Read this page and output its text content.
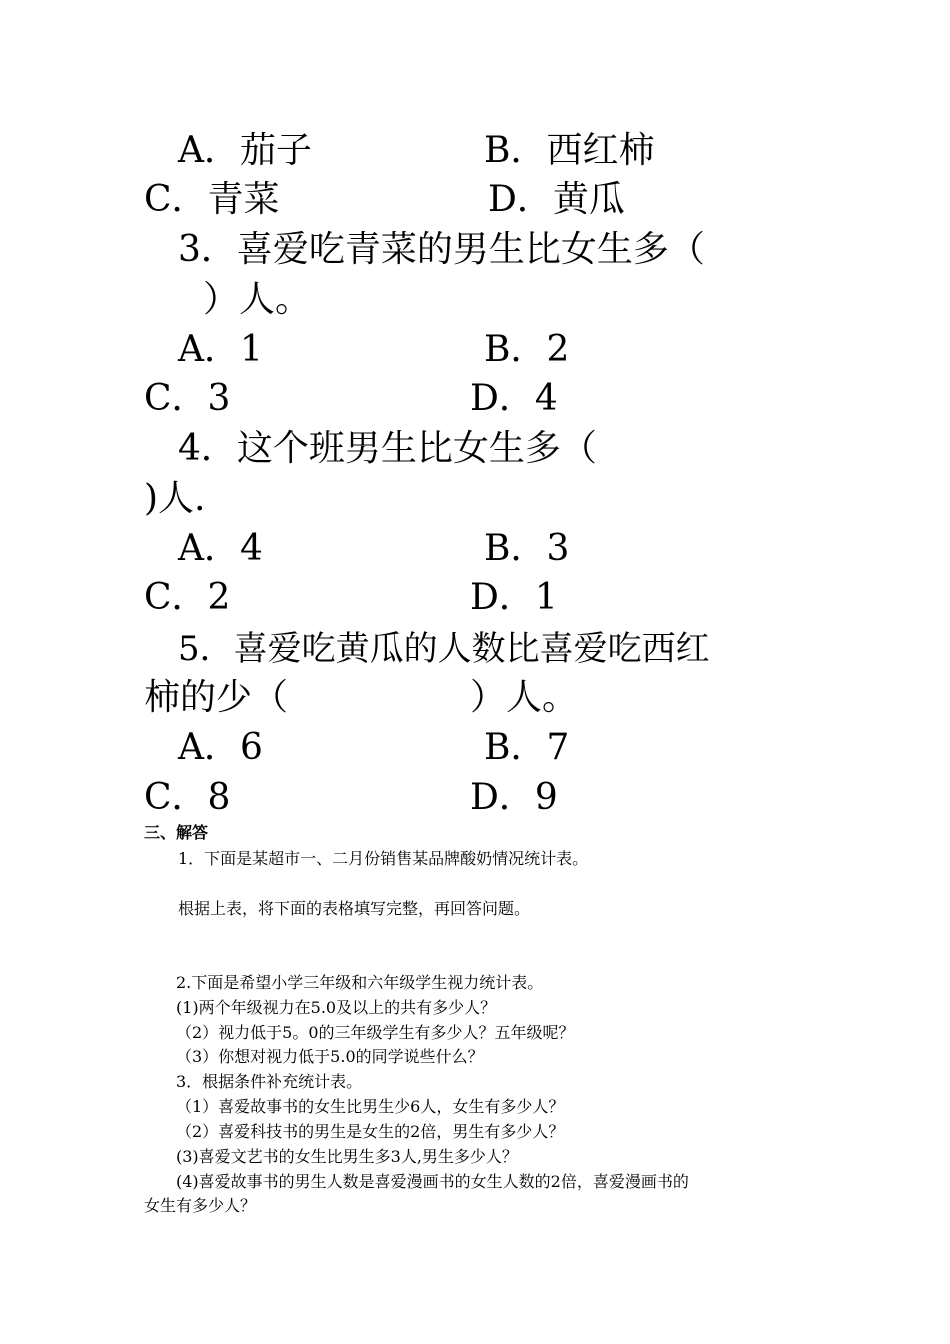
A．茄子	B．西红柿
C．青菜	D．黄瓜
3．喜爱吃青菜的男生比女生多（
）人。
A．1	B．2
C．3	D．4
4．这个班男生比女生多（
)人.
A．4	B．3
C．2	D．1
5．喜爱吃黄瓜的人数比喜爱吃西红
柿的少（	）人。
A．6	B．7
C．8	D．9
三、解答
1．下面是某超市一、二月份销售某品牌酸奶情况统计表。
根据上表，将下面的表格填写完整，再回答问题。
2.下面是希望小学三年级和六年级学生视力统计表。
(1)两个年级视力在5.0及以上的共有多少人？
（2）视力低于5。0的三年级学生有多少人？五年级呢？
（3）你想对视力低于5.0的同学说些什么？
3．根据条件补充统计表。
（1）喜爱故事书的女生比男生少6人，女生有多少人？
（2）喜爱科技书的男生是女生的2倍，男生有多少人？
(3)喜爱文艺书的女生比男生多3人,男生多少人？
(4)喜爱故事书的男生人数是喜爱漫画书的女生人数的2倍，喜爱漫画书的
女生有多少人？
